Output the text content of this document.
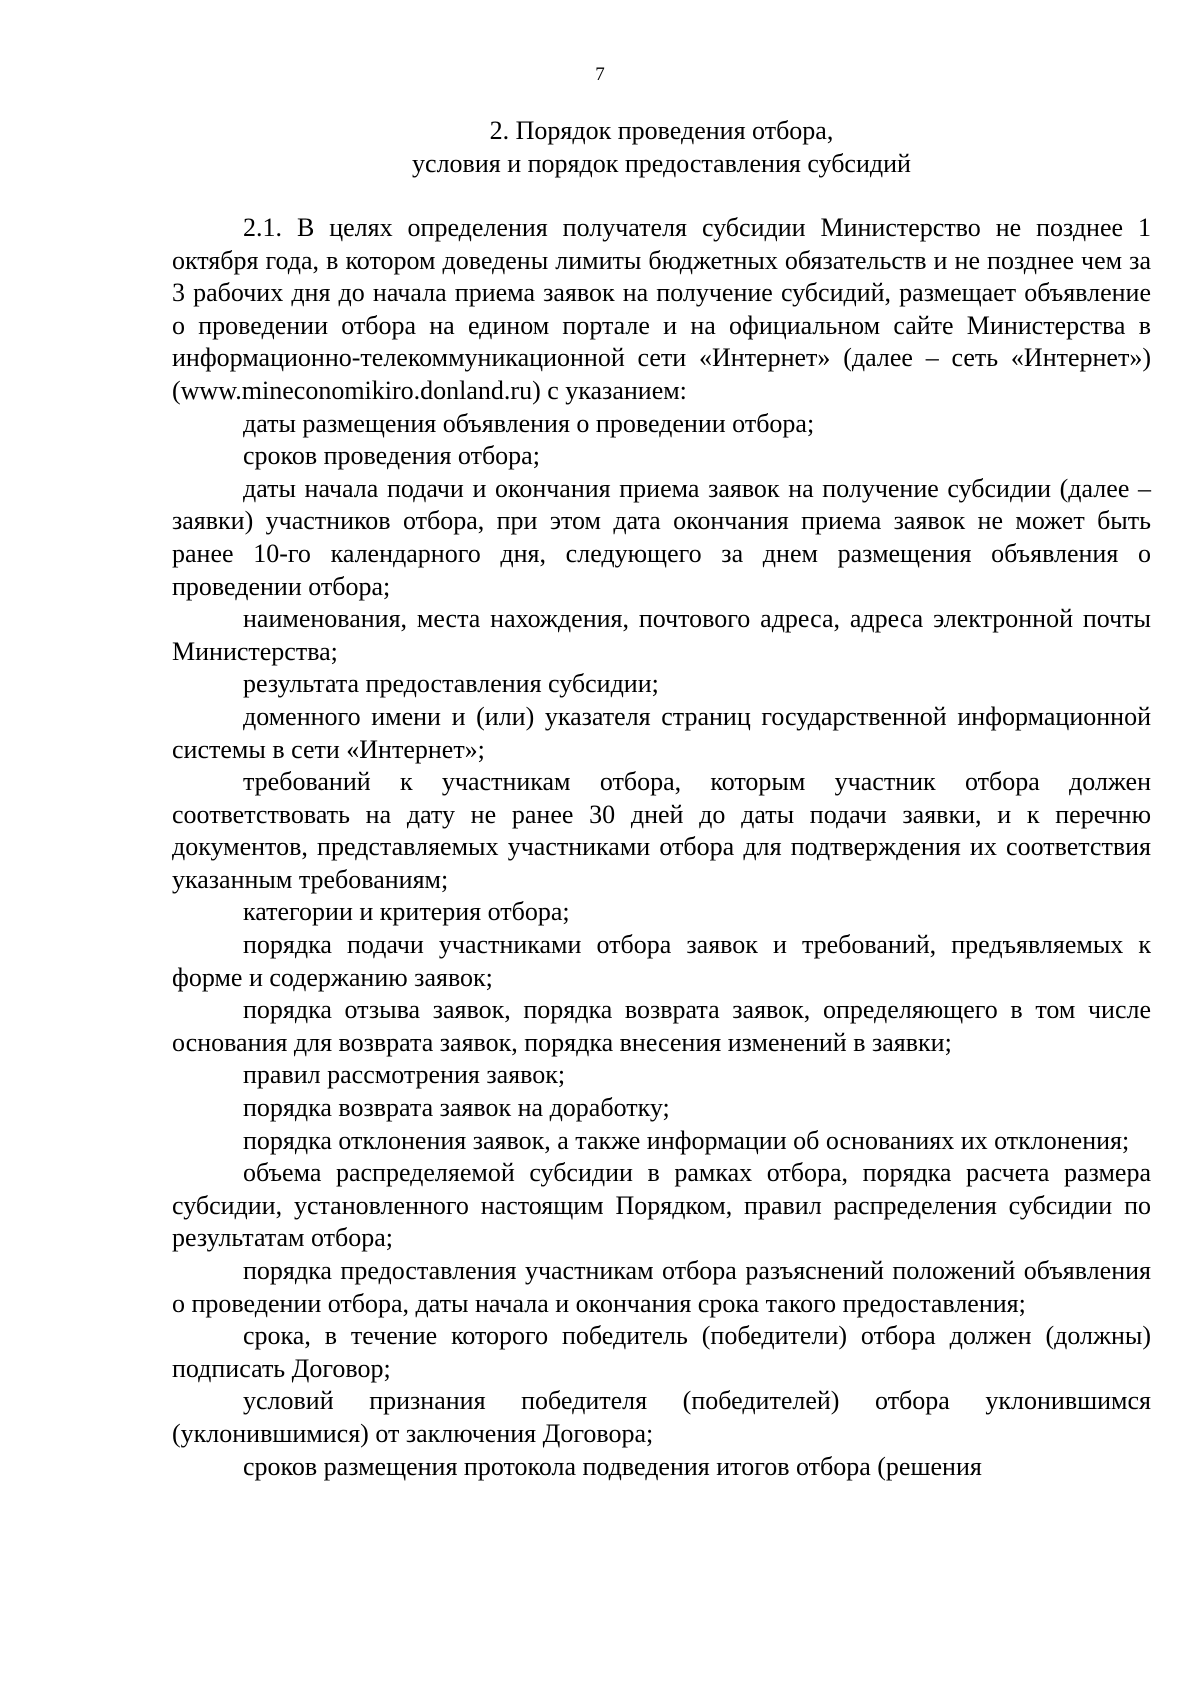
7
2. Порядок проведения отбора,
условия и порядок предоставления субсидий

2.1. В целях определения получателя субсидии Министерство не позднее 1 октября года, в котором доведены лимиты бюджетных обязательств и не позднее чем за 3 рабочих дня до начала приема заявок на получение субсидий, размещает объявление о проведении отбора на едином портале и на официальном сайте Министерства в информационно-телекоммуникационной сети «Интернет» (далее – сеть «Интернет») (www.mineconomikiro.donland.ru) с указанием:

даты размещения объявления о проведении отбора;

сроков проведения отбора;

даты начала подачи и окончания приема заявок на получение субсидии (далее – заявки) участников отбора, при этом дата окончания приема заявок не может быть ранее 10-го календарного дня, следующего за днем размещения объявления о проведении отбора;

наименования, места нахождения, почтового адреса, адреса электронной почты Министерства;

результата предоставления субсидии;

доменного имени и (или) указателя страниц государственной информационной системы в сети «Интернет»;

требований к участникам отбора, которым участник отбора должен соответствовать на дату не ранее 30 дней до даты подачи заявки, и к перечню документов, представляемых участниками отбора для подтверждения их соответствия указанным требованиям;

категории и критерия отбора;

порядка подачи участниками отбора заявок и требований, предъявляемых к форме и содержанию заявок;

порядка отзыва заявок, порядка возврата заявок, определяющего в том числе основания для возврата заявок, порядка внесения изменений в заявки;

правил рассмотрения заявок;

порядка возврата заявок на доработку;

порядка отклонения заявок, а также информации об основаниях их отклонения;

объема распределяемой субсидии в рамках отбора, порядка расчета размера субсидии, установленного настоящим Порядком, правил распределения субсидии по результатам отбора;

порядка предоставления участникам отбора разъяснений положений объявления о проведении отбора, даты начала и окончания срока такого предоставления;

срока, в течение которого победитель (победители) отбора должен (должны) подписать Договор;

условий признания победителя (победителей) отбора уклонившимся (уклонившимися) от заключения Договора;

сроков размещения протокола подведения итогов отбора (решения
